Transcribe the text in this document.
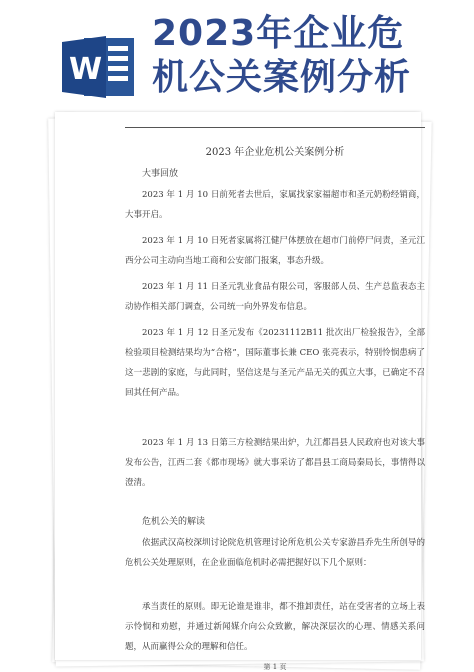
W
2023年企业危
机公关案例分析
2023 年企业危机公关案例分析
大事回放
2023 年 1 月 10 日前死者去世后，家属找家家福超市和圣元奶粉经销商，大事开启。
2023 年 1 月 10 日死者家属将江健尸体摆放在超市门前停尸问责，圣元江西分公司主动向当地工商和公安部门报案，事态升级。
2023 年 1 月 11 日圣元乳业食品有限公司，客服部人员、生产总监表态主动协作相关部门调查，公司统一向外界发布信息。
2023 年 1 月 12 日圣元发布《20231112B11 批次出厂检验报告》，全部检验项目检测结果均为“合格”，国际董事长兼 CEO 张亮表示，特别怜悯患病了这一悲剧的家庭，与此同时，坚信这是与圣元产品无关的孤立大事，已确定不召回其任何产品。
2023 年 1 月 13 日第三方检测结果出炉，九江都昌县人民政府也对该大事发布公告，江西二套《都市现场》就大事采访了都昌县工商局秦局长，事情得以澄清。
危机公关的解读
依据武汉高校深圳讨论院危机管理讨论所危机公关专家游昌乔先生所创导的危机公关处理原则，在企业面临危机时必需把握好以下几个原则：
承当责任的原则。即无论谁是谁非，都不推卸责任，站在受害者的立场上表示怜悯和劝慰，并通过新闻媒介向公众致歉，解决深层次的心理、情感关系问题，从而赢得公众的理解和信任。
第 1 页
